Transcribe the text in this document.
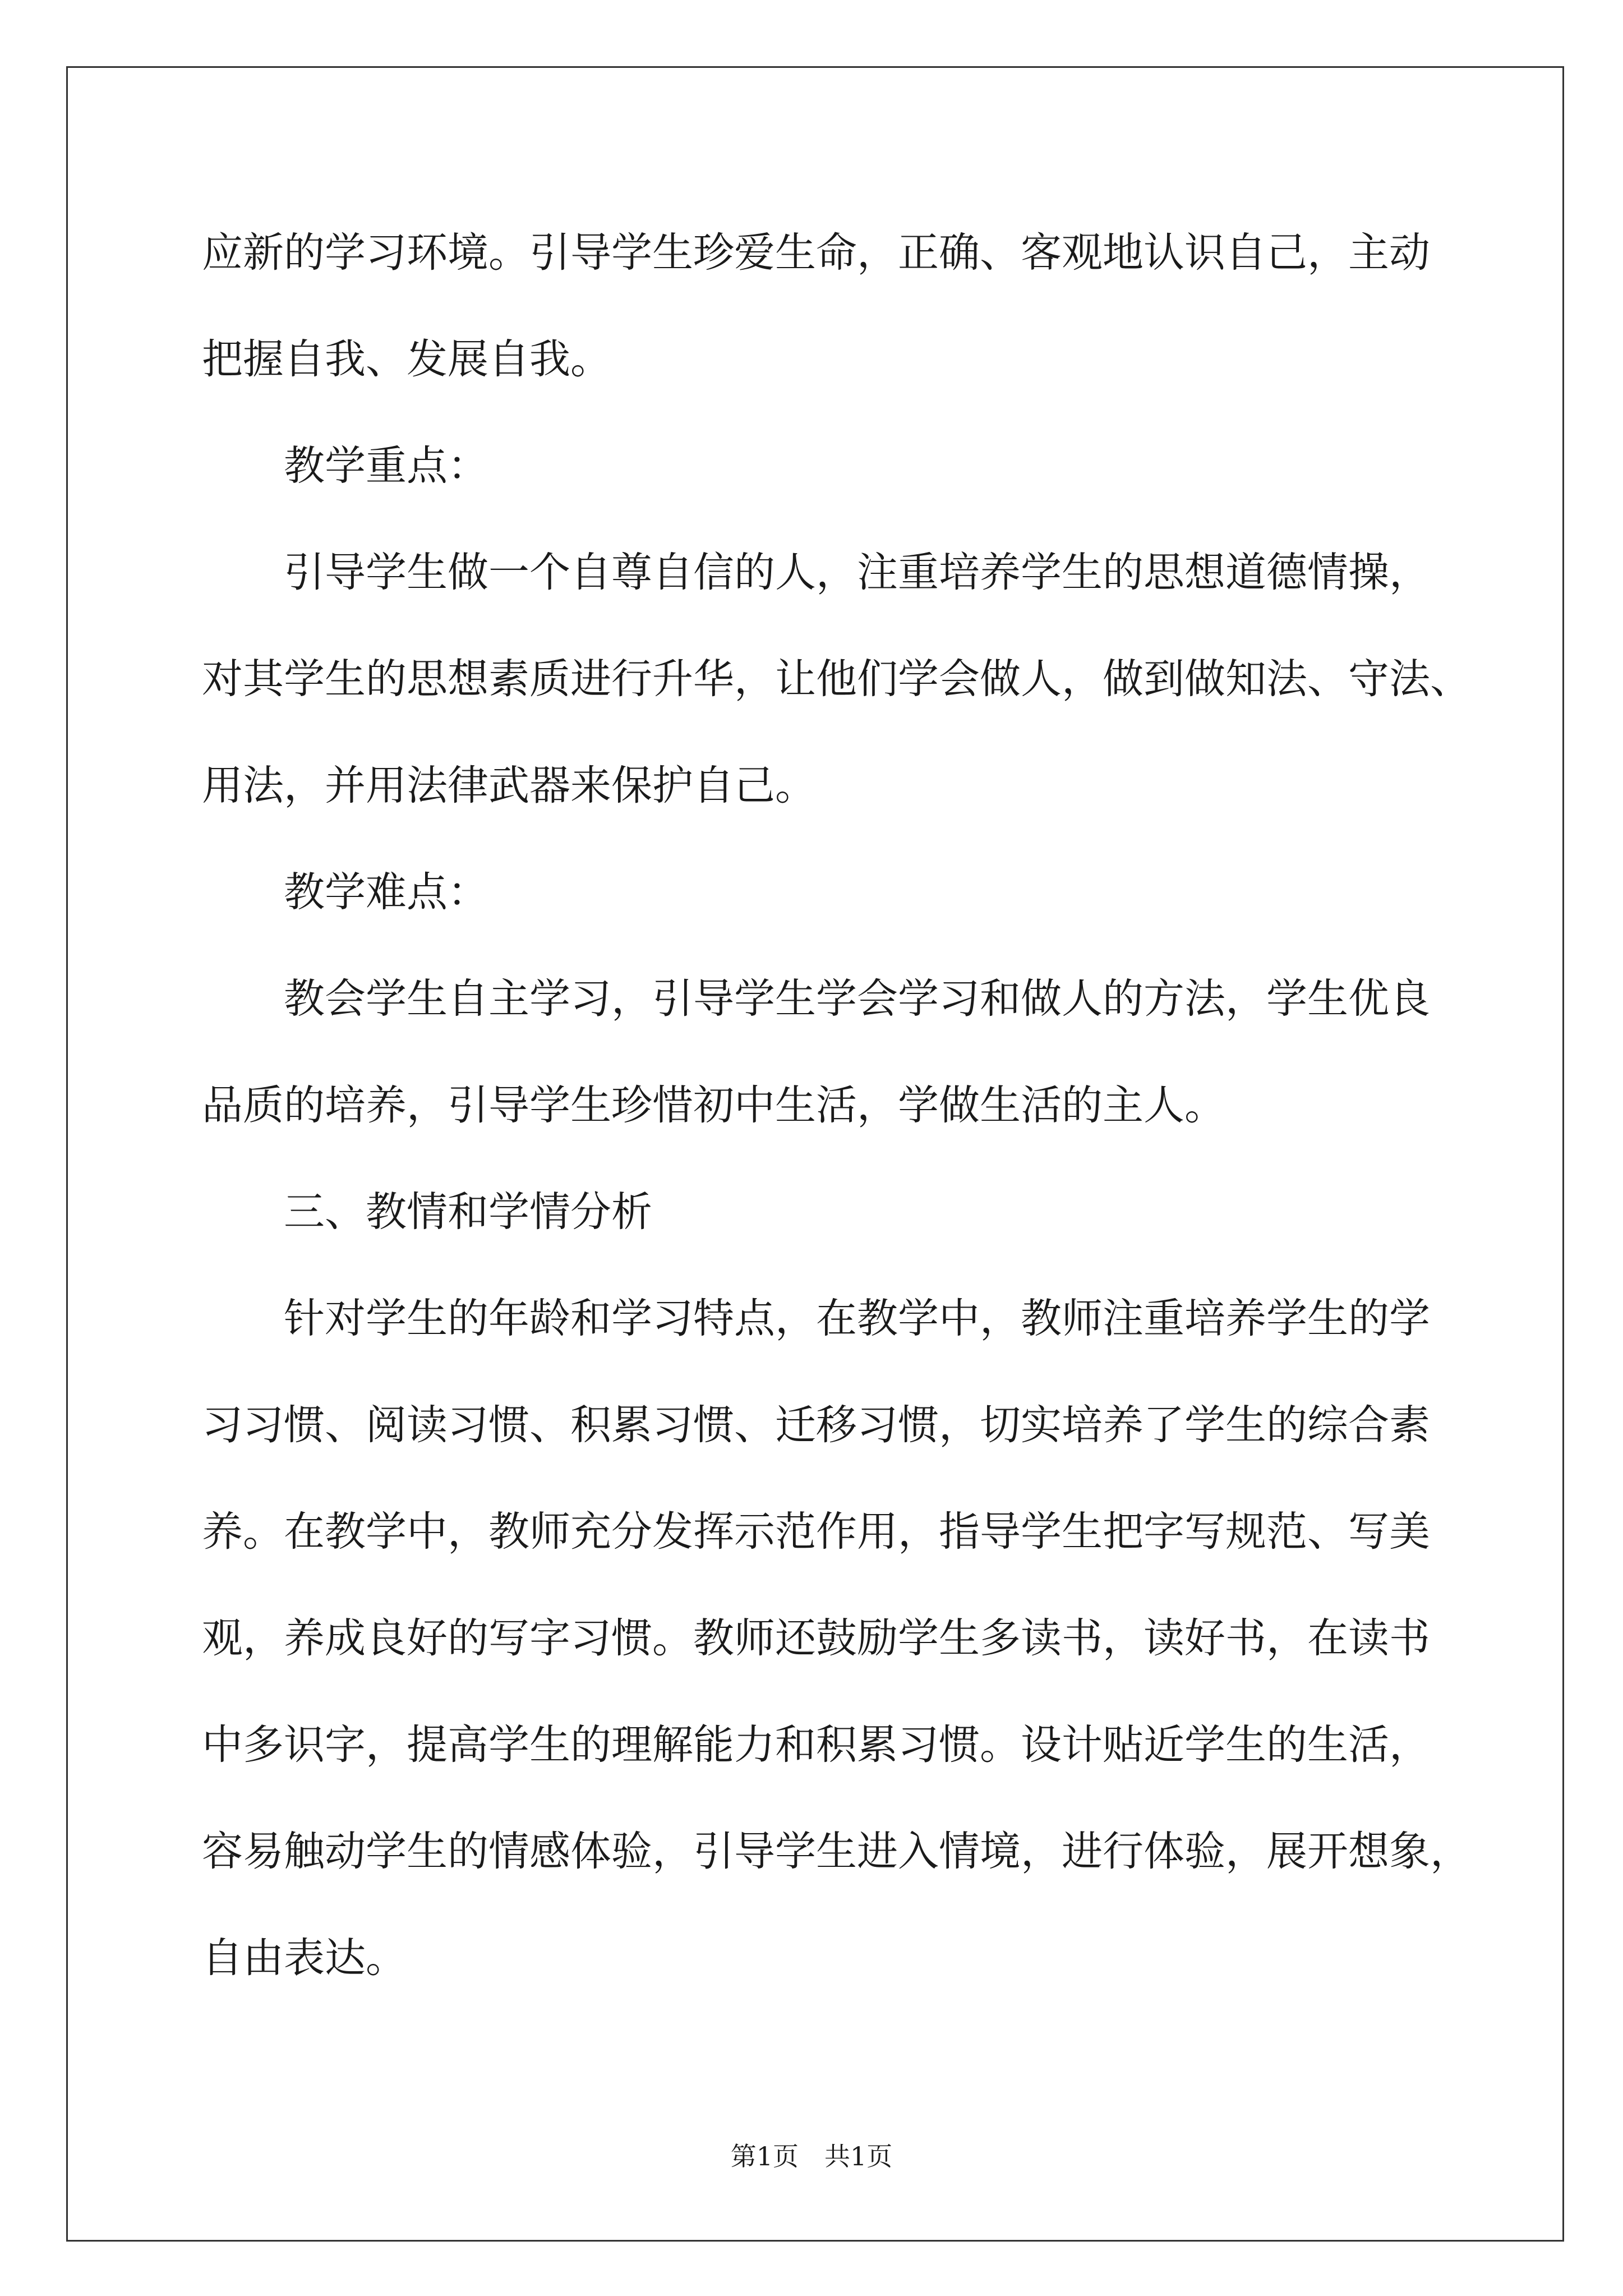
应新的学习环境。引导学生珍爱生命，正确、客观地认识自己，主动
把握自我、发展自我。
教学重点：
引导学生做一个自尊自信的人，注重培养学生的思想道德情操，
对其学生的思想素质进行升华，让他们学会做人，做到做知法、守法、
用法，并用法律武器来保护自己。
教学难点：
教会学生自主学习，引导学生学会学习和做人的方法，学生优良
品质的培养，引导学生珍惜初中生活，学做生活的主人。
三、教情和学情分析
针对学生的年龄和学习特点，在教学中，教师注重培养学生的学
习习惯、阅读习惯、积累习惯、迁移习惯，切实培养了学生的综合素
养。在教学中，教师充分发挥示范作用，指导学生把字写规范、写美
观，养成良好的写字习惯。教师还鼓励学生多读书，读好书，在读书
中多识字，提高学生的理解能力和积累习惯。设计贴近学生的生活，
容易触动学生的情感体验，引导学生进入情境，进行体验，展开想象，
自由表达。
第1页　共1页
